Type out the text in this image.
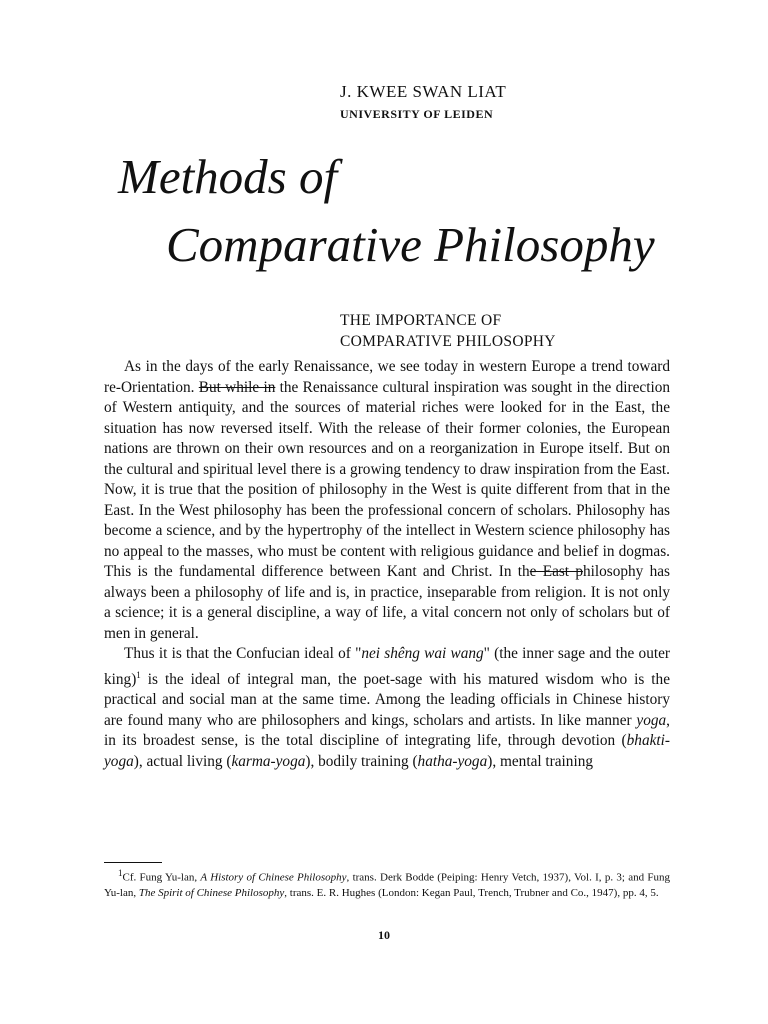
J. KWEE SWAN LIAT
UNIVERSITY OF LEIDEN
Methods of
Comparative Philosophy
THE IMPORTANCE OF
COMPARATIVE PHILOSOPHY

As in the days of the early Renaissance, we see today in western Europe a trend toward re-Orientation. But while in the Renaissance cultural inspiration was sought in the direction of Western antiquity, and the sources of material riches were looked for in the East, the situation has now reversed itself. With the release of their former colonies, the European nations are thrown on their own resources and on a reorganization in Europe itself. But on the cultural and spiritual level there is a growing tendency to draw inspiration from the East. Now, it is true that the position of philosophy in the West is quite different from that in the East. In the West philosophy has been the professional concern of scholars. Philosophy has become a science, and by the hypertrophy of the intellect in Western science philosophy has no appeal to the masses, who must be content with religious guidance and belief in dogmas. This is the fundamental difference between Kant and Christ. In the East philosophy has always been a philosophy of life and is, in practice, inseparable from religion. It is not only a science; it is a general discipline, a way of life, a vital concern not only of scholars but of men in general.

Thus it is that the Confucian ideal of "nei shêng wai wang" (the inner sage and the outer king)$^1$ is the ideal of integral man, the poet-sage with his matured wisdom who is the practical and social man at the same time. Among the leading officials in Chinese history are found many who are philosophers and kings, scholars and artists. In like manner yoga, in its broadest sense, is the total discipline of integrating life, through devotion (bhakti-yoga), actual living (karma-yoga), bodily training (hatha-yoga), mental training

$^1$Cf. Fung Yu-lan, A History of Chinese Philosophy, trans. Derk Bodde (Peiping: Henry Vetch, 1937), Vol. I, p. 3; and Fung Yu-lan, The Spirit of Chinese Philosophy, trans. E. R. Hughes (London: Kegan Paul, Trench, Trubner and Co., 1947), pp. 4, 5.
10
